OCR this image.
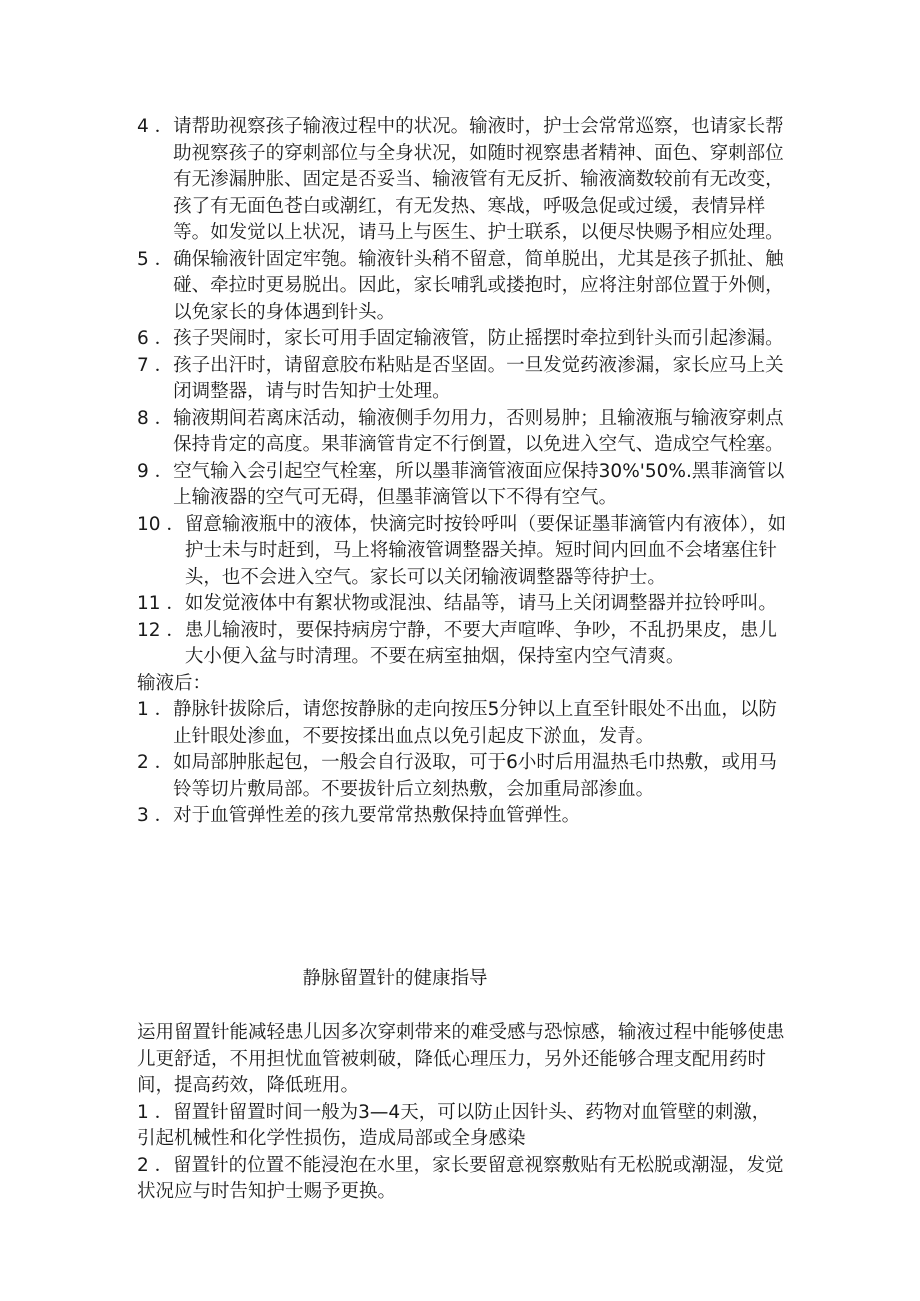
4 ． 请帮助视察孩子输液过程中的状况。输液时，护士会常常巡察，也请家长帮助视察孩子的穿刺部位与全身状况，如随时视察患者精神、面色、穿刺部位有无渗漏肿胀、固定是否妥当、输液管有无反折、输液滴数较前有无改变，孩了有无面色苍白或潮红，有无发热、寒战，呼吸急促或过缓，表情异样等。如发觉以上状况，请马上与医生、护士联系，以便尽快赐予相应处理。
5 ． 确保输液针固定牢匏。输液针头稍不留意，简单脱出，尤其是孩子抓扯、触碰、牵拉时更易脱出。因此，家长哺乳或搂抱时，应将注射部位置于外侧，以免家长的身体遇到针头。
6 ． 孩子哭闹时，家长可用手固定输液管，防止摇摆时牵拉到针头而引起渗漏。
7 ． 孩子出汗时，请留意胶布粘贴是否坚固。一旦发觉药液渗漏，家长应马上关闭调整器，请与时告知护士处理。
8 ． 输液期间若离床活动，输液侧手勿用力，否则易肿；且输液瓶与输液穿刺点保持肯定的高度。果菲滴管肯定不行倒置，以免进入空气、造成空气栓塞。
9 ． 空气输入会引起空气栓塞，所以墨菲滴管液面应保持30%'50%.黑菲滴管以上输液器的空气可无碍，但墨菲滴管以下不得有空气。
10 ． 留意输液瓶中的液体，快滴完时按铃呼叫（要保证墨菲滴管内有液体），如护士未与时赶到，马上将输液管调整器关掉。短时间内回血不会堵塞住针头，也不会进入空气。家长可以关闭输液调整器等待护士。
11 ． 如发觉液体中有絮状物或混浊、结晶等，请马上关闭调整器并拉铃呼叫。
12 ． 患儿输液时，要保持病房宁静，不要大声喧哗、争吵，不乱扔果皮，患儿大小便入盆与时清理。不要在病室抽烟，保持室内空气清爽。
输液后：
1 ． 静脉针拔除后，请您按静脉的走向按压5分钟以上直至针眼处不出血，以防止针眼处渗血，不要按揉出血点以免引起皮下淤血，发青。
2 ． 如局部肿胀起包，一般会自行汲取，可于6小时后用温热毛巾热敷，或用马铃等切片敷局部。不要拔针后立刻热敷，会加重局部渗血。
3 ． 对于血管弹性差的孩九要常常热敷保持血管弹性。
静脉留置针的健康指导
运用留置针能减轻患儿因多次穿刺带来的难受感与恐惊感，输液过程中能够使患儿更舒适，不用担忧血管被刺破，降低心理压力，另外还能够合理支配用药时间，提高药效，降低班用。
1 ．留置针留置时间一般为3—4天，可以防止因针头、药物对血管壁的刺激，引起机械性和化学性损伤，造成局部或全身感染
2 ．留置针的位置不能浸泡在水里，家长要留意视察敷贴有无松脱或潮湿，发觉状况应与时告知护士赐予更换。
